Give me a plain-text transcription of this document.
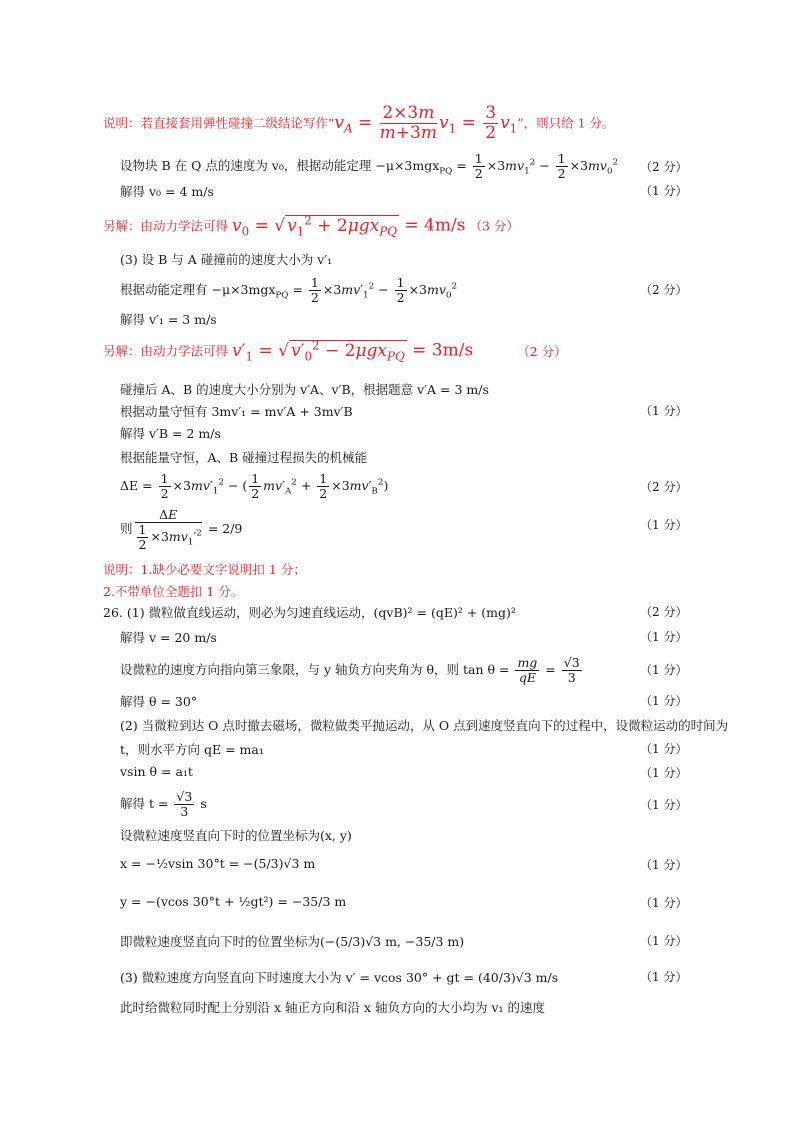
说明：若直接套用弹性碰撞二级结论写作“$v_A = \frac{2\times 3m}{m+3m} v_1 = \frac{3}{2} v_1$”，则只给 1 分。
设物块 B 在 Q 点的速度为 v₀，根据动能定理 $-\mu\times 3mgx_{PQ} = \frac{1}{2} \times 3mv_1^2 - \frac{1}{2} \times 3mv_0^2$	（2 分）
解得 v₀ = 4 m/s	（1 分）
另解：由动力学法可得 $v_0$ = √ $v_1^2 + 2\mu gx_{PQ} = 4m/s$ （3 分）
(3) 设 B 与 A 碰撞前的速度大小为 v′₁
根据动能定理有 $-\mu\times 3mgx_{PQ} = \frac{1}{2} \times 3mv'_1^2 - \frac{1}{2} \times 3mv_0^2$	（2 分）
解得 v′₁ = 3 m/s
另解：由动力学法可得 $v'_1$ = √ $v'_0^2 - 2\mu gx_{PQ} = 3m/s$	（2 分）
碰撞后 A、B 的速度大小分别为 v′A、v′B，根据题意 v′A = 3 m/s
根据动量守恒有 3mv′₁ = mv′A + 3mv′B	（1 分）
解得 v′B = 2 m/s
根据能量守恒，A、B 碰撞过程损失的机械能
$\Delta E = \frac{1}{2} \times 3mv'_1^2$ − ( $\frac{1}{2} mv'_A^2 + \frac{1}{2} \times 3mv'_B^2$)	（2 分）
则 $\frac{\Delta E}{\frac{1}{2} \times 3mv_1'^2} = 2/9$	（1 分）
说明：1.缺少必要文字说明扣 1 分；
2.不带单位全题扣 1 分。
26. (1) 微粒做直线运动，则必为匀速直线运动，(qvB)² = (qE)² + (mg)²	（2 分）
解得 v = 20 m/s	（1 分）
设微粒的速度方向指向第三象限，与 y 轴负方向夹角为 θ，则 $\tan \theta = \frac{mg}{qE} = \frac{√3}{3}$	（1 分）
解得 θ = 30°	（1 分）
(2) 当微粒到达 O 点时撤去磁场，微粒做类平抛运动，从 O 点到速度竖直向下的过程中，设微粒运动的时间为
t，则水平方向 qE = ma₁	（1 分）
vsin θ = a₁t	（1 分）
解得 $t = \frac{√3}{3}$ s	（1 分）
设微粒速度竖直向下时的位置坐标为(x, y)
x = −½vsin 30°t = −(5/3)√3 m	（1 分）
y = −(vcos 30°t + ½gt²) = −35/3 m	（1 分）
即微粒速度竖直向下时的位置坐标为(−(5/3)√3 m, −35/3 m)	（1 分）
(3) 微粒速度方向竖直向下时速度大小为 v′ = vcos 30° + gt = (40/3)√3 m/s	（1 分）
此时给微粒同时配上分别沿 x 轴正方向和沿 x 轴负方向的大小均为 v₁ 的速度
